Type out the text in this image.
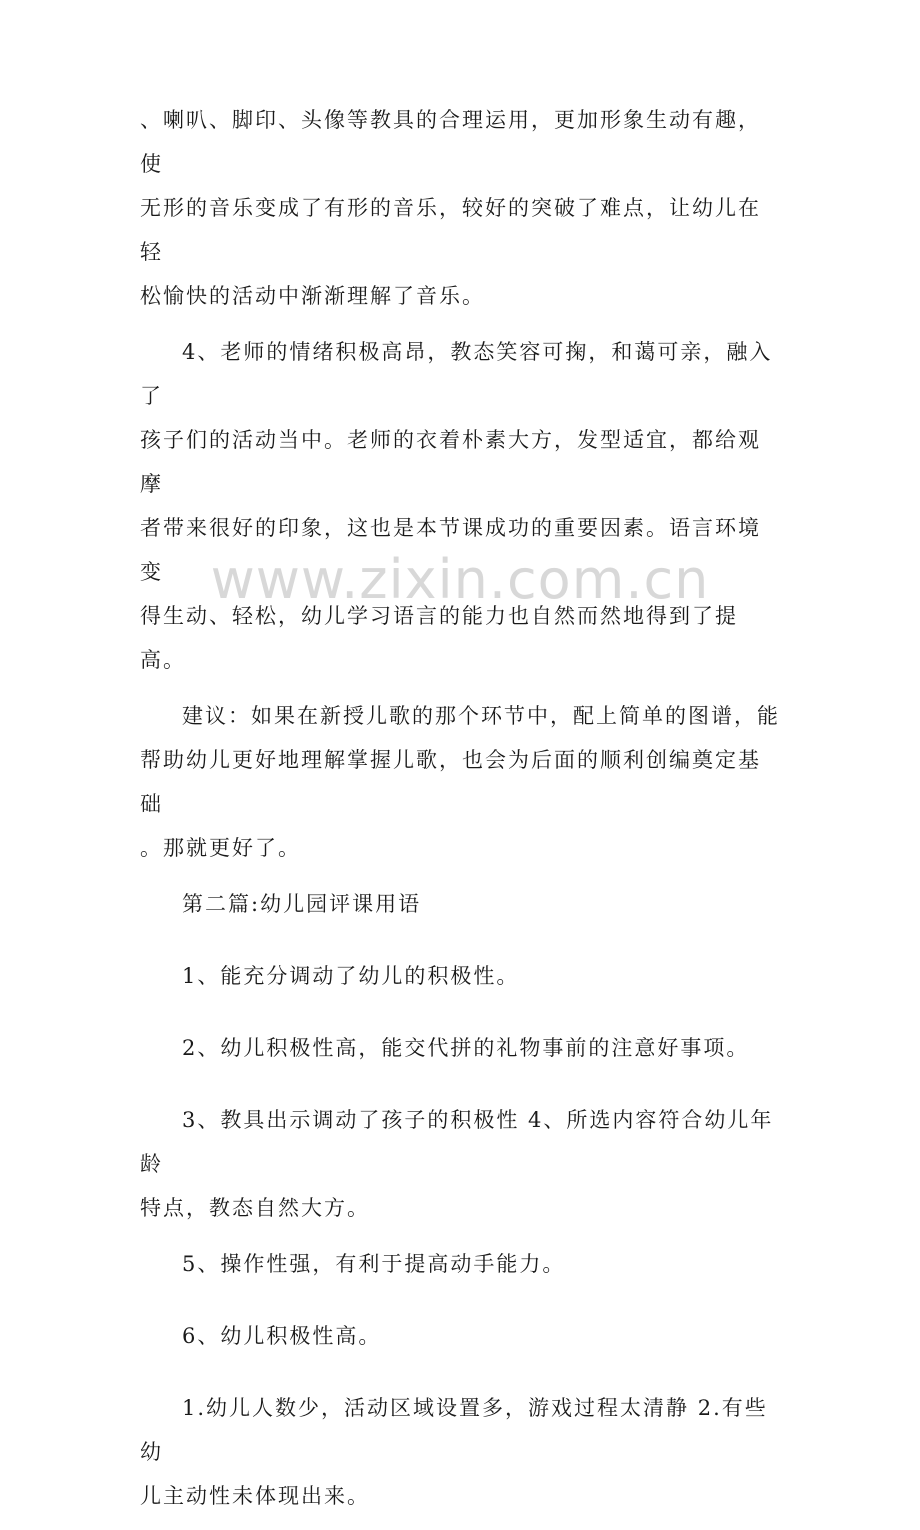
www.zixin.com.cn
、喇叭、脚印、头像等教具的合理运用，更加形象生动有趣，使
无形的音乐变成了有形的音乐，较好的突破了难点，让幼儿在轻
松愉快的活动中渐渐理解了音乐。
4、老师的情绪积极高昂，教态笑容可掬，和蔼可亲，融入了
孩子们的活动当中。老师的衣着朴素大方，发型适宜，都给观摩
者带来很好的印象，这也是本节课成功的重要因素。语言环境变
得生动、轻松，幼儿学习语言的能力也自然而然地得到了提高。
建议：如果在新授儿歌的那个环节中，配上简单的图谱，能
帮助幼儿更好地理解掌握儿歌，也会为后面的顺利创编奠定基础
。那就更好了。
第二篇:幼儿园评课用语
1、能充分调动了幼儿的积极性。
2、幼儿积极性高，能交代拼的礼物事前的注意好事项。
3、教具出示调动了孩子的积极性 4、所选内容符合幼儿年龄
特点，教态自然大方。
5、操作性强，有利于提高动手能力。
6、幼儿积极性高。
1.幼儿人数少，活动区域设置多，游戏过程太清静 2.有些幼
儿主动性未体现出来。
